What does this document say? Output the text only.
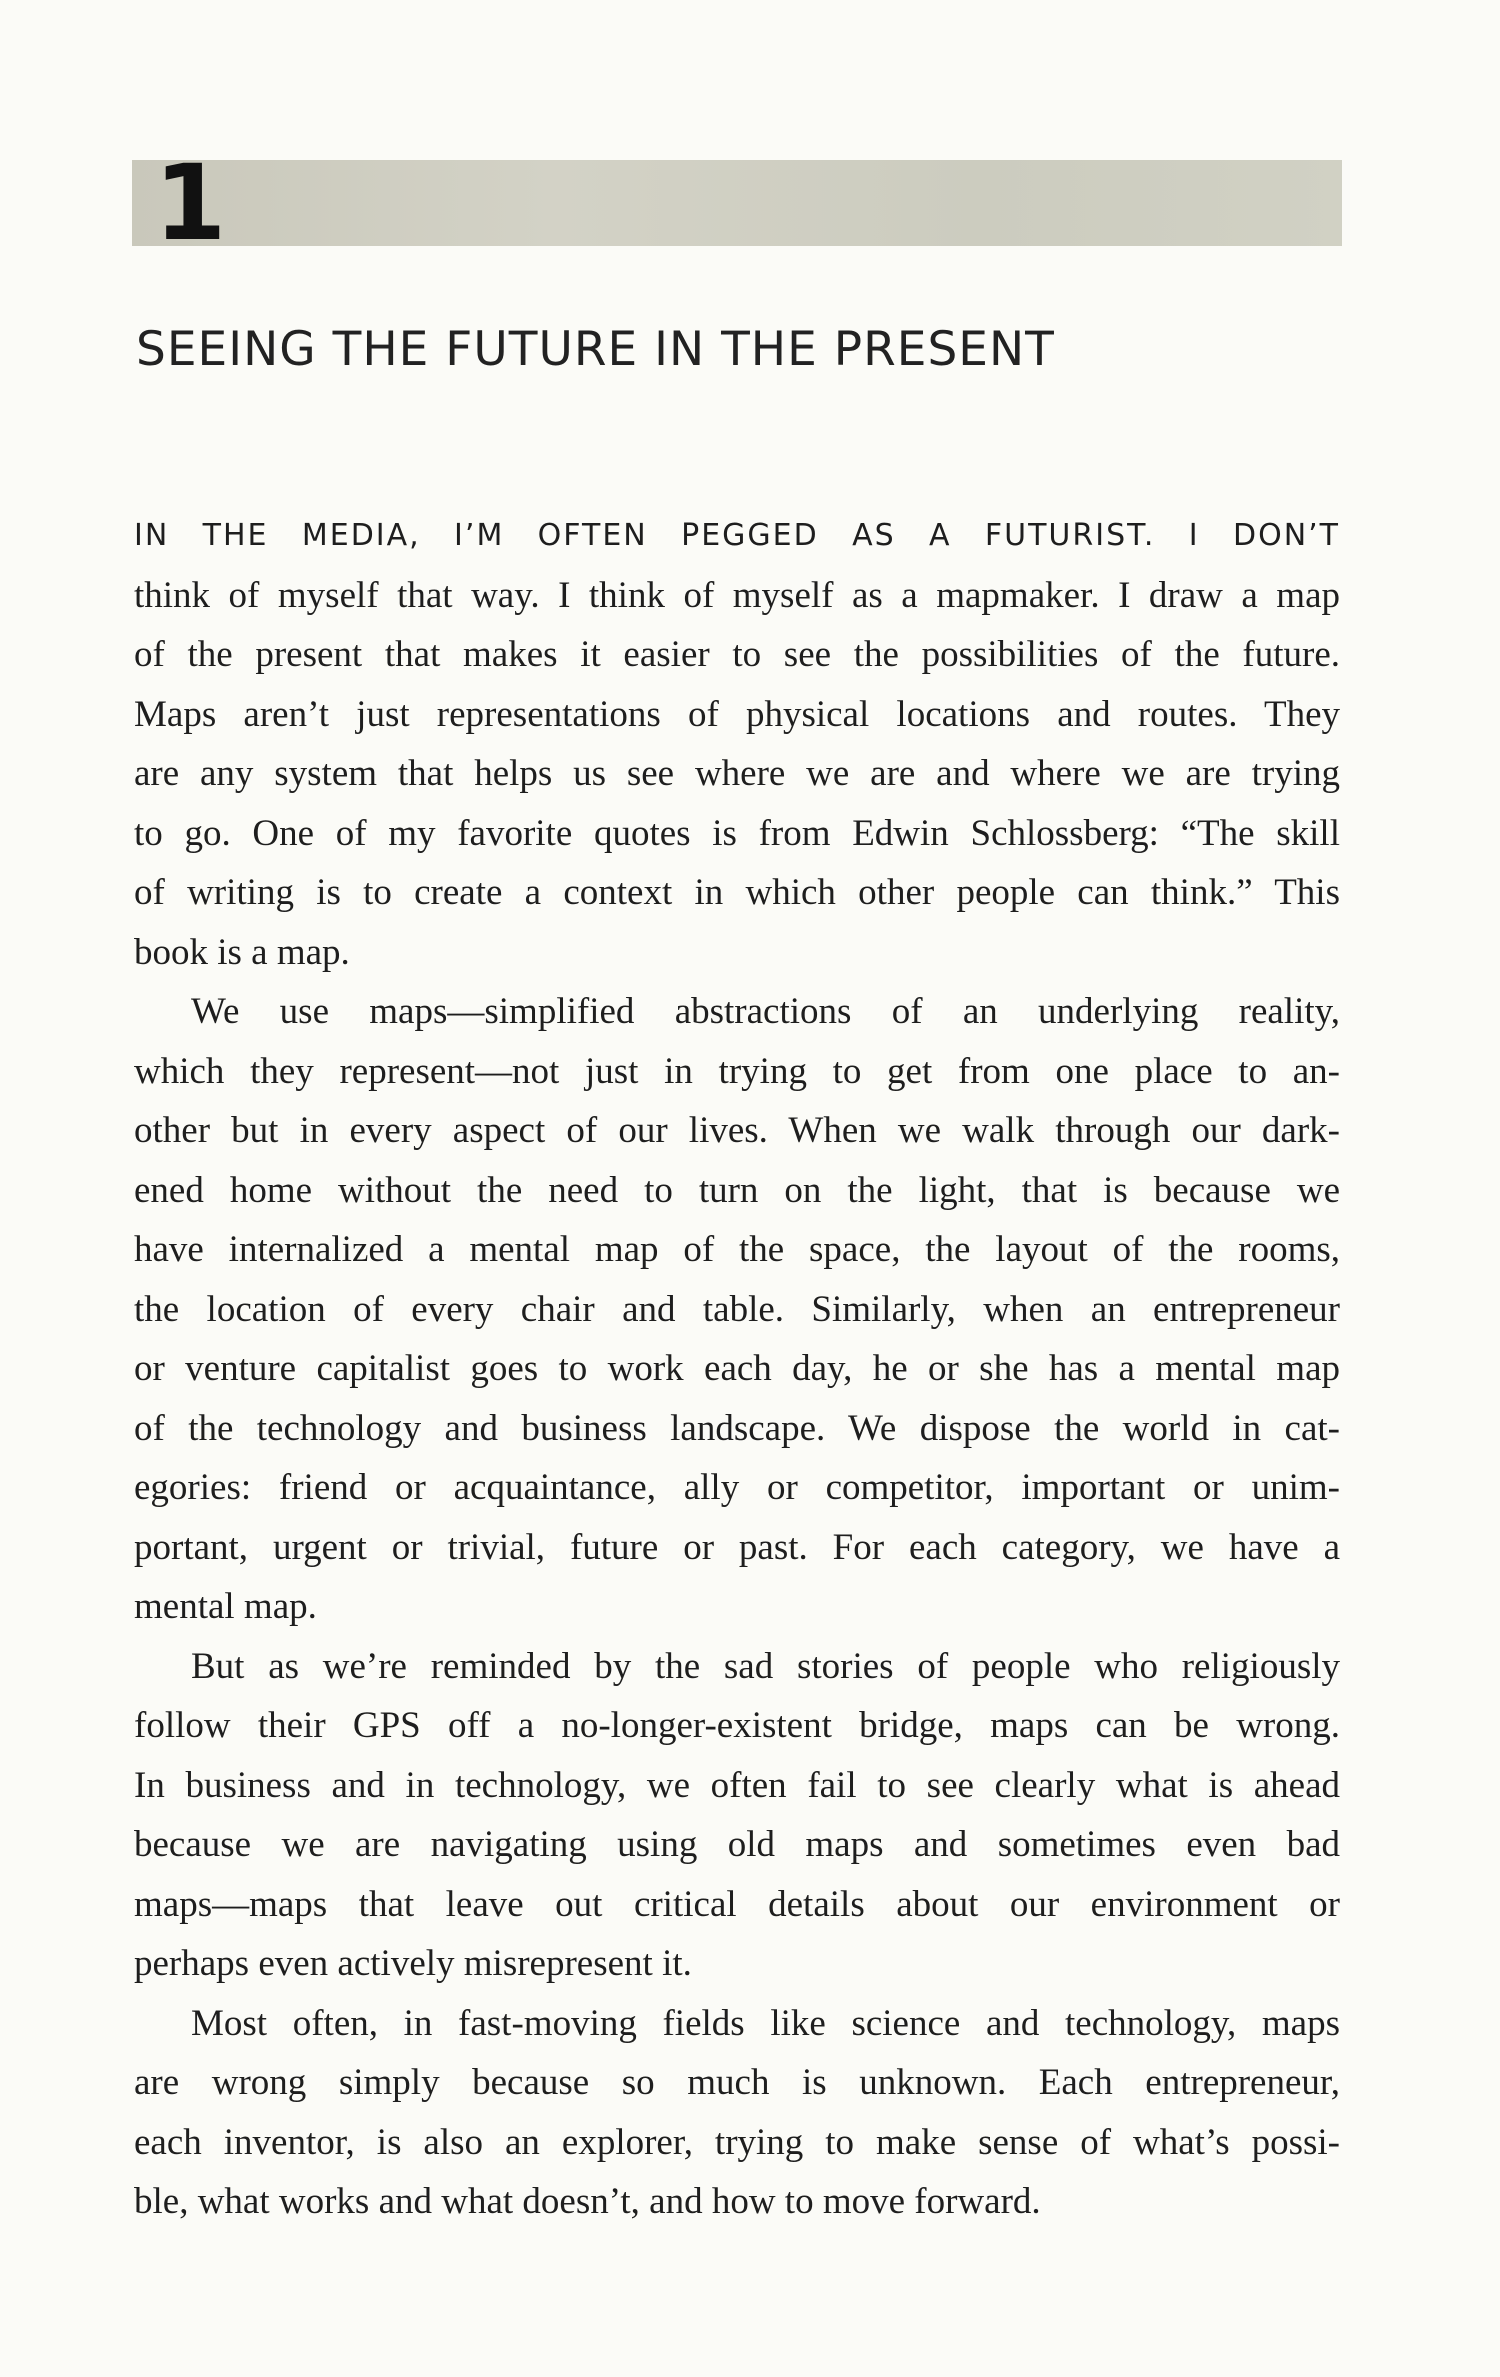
1
SEEING THE FUTURE IN THE PRESENT
IN THE MEDIA, I’M OFTEN PEGGED AS A FUTURIST. I DON’T
think of myself that way. I think of myself as a mapmaker. I draw a map
of the present that makes it easier to see the possibilities of the future.
Maps aren’t just representations of physical locations and routes. They
are any system that helps us see where we are and where we are trying
to go. One of my favorite quotes is from Edwin Schlossberg: “The skill
of writing is to create a context in which other people can think.” This
book is a map.
We use maps—simplified abstractions of an underlying reality,
which they represent—not just in trying to get from one place to an-
other but in every aspect of our lives. When we walk through our dark-
ened home without the need to turn on the light, that is because we
have internalized a mental map of the space, the layout of the rooms,
the location of every chair and table. Similarly, when an entrepreneur
or venture capitalist goes to work each day, he or she has a mental map
of the technology and business landscape. We dispose the world in cat-
egories: friend or acquaintance, ally or competitor, important or unim-
portant, urgent or trivial, future or past. For each category, we have a
mental map.
But as we’re reminded by the sad stories of people who religiously
follow their GPS off a no-longer-existent bridge, maps can be wrong.
In business and in technology, we often fail to see clearly what is ahead
because we are navigating using old maps and sometimes even bad
maps—maps that leave out critical details about our environment or
perhaps even actively misrepresent it.
Most often, in fast-moving fields like science and technology, maps
are wrong simply because so much is unknown. Each entrepreneur,
each inventor, is also an explorer, trying to make sense of what’s possi-
ble, what works and what doesn’t, and how to move forward.
